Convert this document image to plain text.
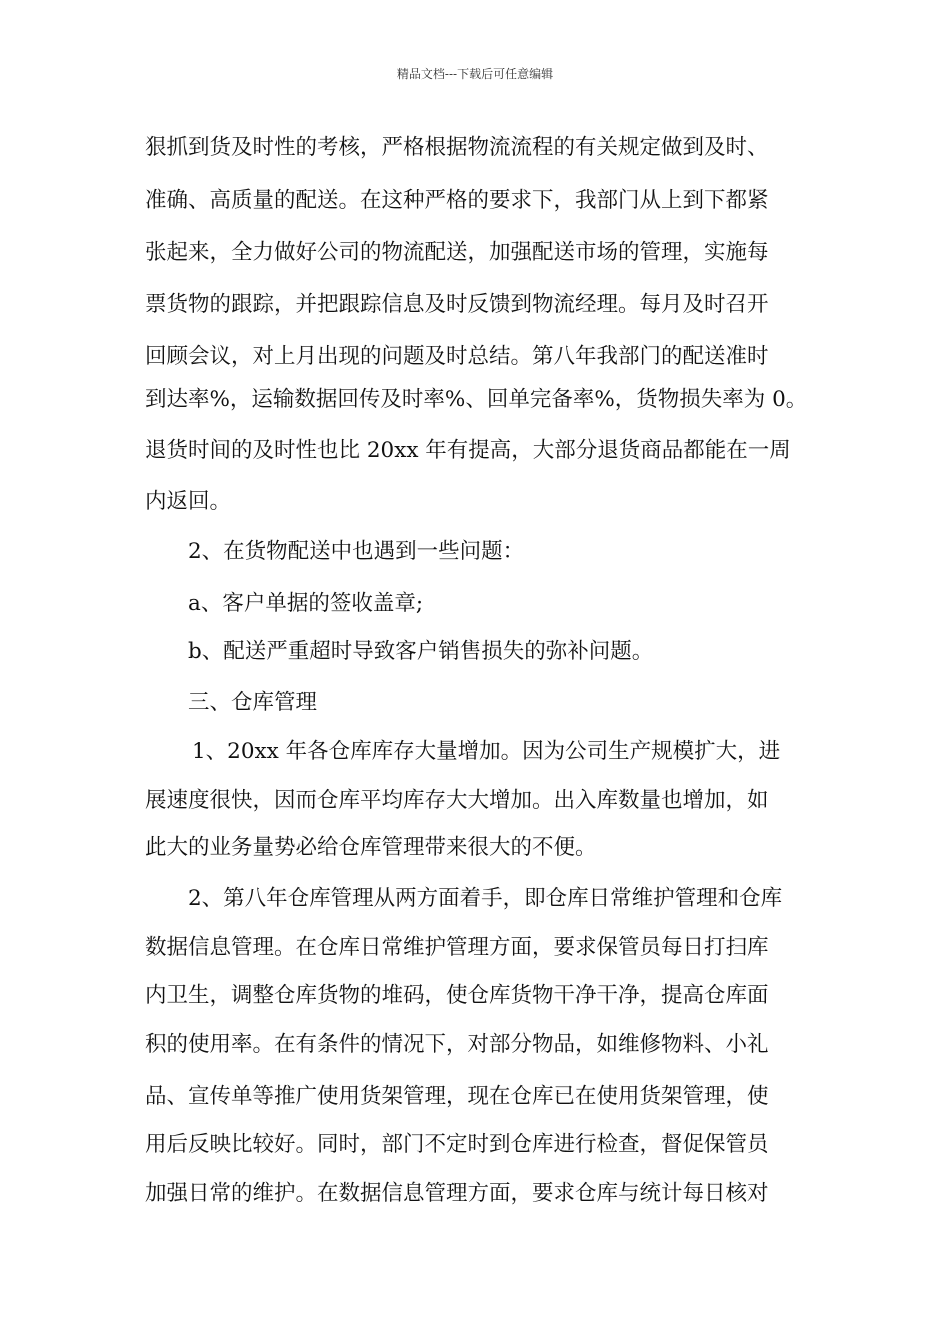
精品文档---下载后可任意编辑
狠抓到货及时性的考核，严格根据物流流程的有关规定做到及时、
准确、高质量的配送。在这种严格的要求下，我部门从上到下都紧
张起来，全力做好公司的物流配送，加强配送市场的管理，实施每
票货物的跟踪，并把跟踪信息及时反馈到物流经理。每月及时召开
回顾会议，对上月出现的问题及时总结。第八年我部门的配送准时
到达率%，运输数据回传及时率%、回单完备率%，货物损失率为 0。
退货时间的及时性也比 20xx 年有提高，大部分退货商品都能在一周
内返回。
2、在货物配送中也遇到一些问题：
a、客户单据的签收盖章;
b、配送严重超时导致客户销售损失的弥补问题。
三、仓库管理
1、20xx 年各仓库库存大量增加。因为公司生产规模扩大，进
展速度很快，因而仓库平均库存大大增加。出入库数量也增加，如
此大的业务量势必给仓库管理带来很大的不便。
2、第八年仓库管理从两方面着手，即仓库日常维护管理和仓库
数据信息管理。在仓库日常维护管理方面，要求保管员每日打扫库
内卫生，调整仓库货物的堆码，使仓库货物干净干净，提高仓库面
积的使用率。在有条件的情况下，对部分物品，如维修物料、小礼
品、宣传单等推广使用货架管理，现在仓库已在使用货架管理，使
用后反映比较好。同时，部门不定时到仓库进行检查，督促保管员
加强日常的维护。在数据信息管理方面，要求仓库与统计每日核对
